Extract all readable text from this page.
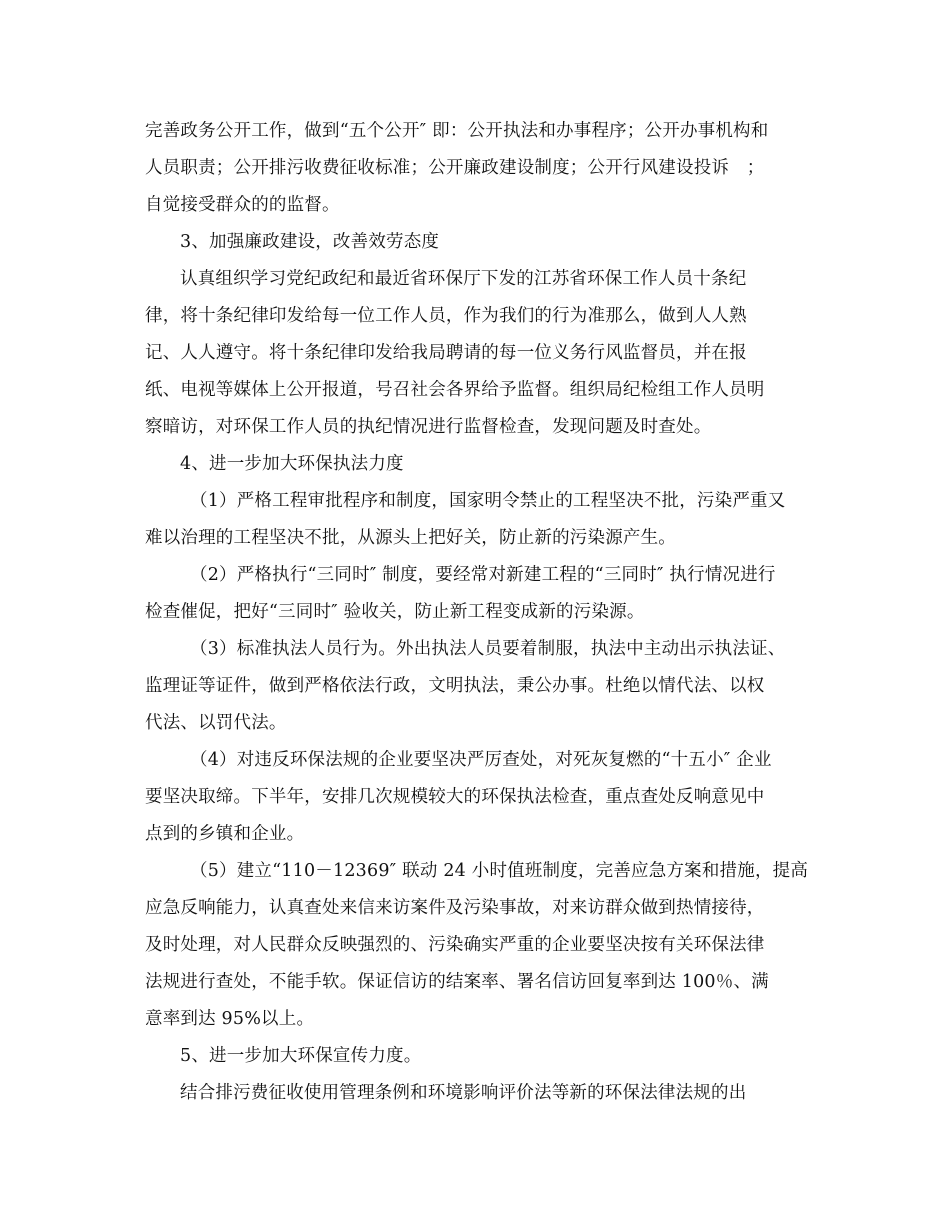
完善政务公开工作，做到“五个公开″ 即：公开执法和办事程序；公开办事机构和
人员职责；公开排污收费征收标准；公开廉政建设制度；公开行风建设投诉　；
自觉接受群众的的监督。
3、加强廉政建设，改善效劳态度
认真组织学习党纪政纪和最近省环保厅下发的江苏省环保工作人员十条纪
律，将十条纪律印发给每一位工作人员，作为我们的行为准那么，做到人人熟
记、人人遵守。将十条纪律印发给我局聘请的每一位义务行风监督员，并在报
纸、电视等媒体上公开报道，号召社会各界给予监督。组织局纪检组工作人员明
察暗访，对环保工作人员的执纪情况进行监督检查，发现问题及时查处。
4、进一步加大环保执法力度
（1）严格工程审批程序和制度，国家明令禁止的工程坚决不批，污染严重又
难以治理的工程坚决不批，从源头上把好关，防止新的污染源产生。
（2）严格执行“三同时″ 制度，要经常对新建工程的“三同时″ 执行情况进行
检查催促，把好“三同时″ 验收关，防止新工程变成新的污染源。
（3）标准执法人员行为。外出执法人员要着制服，执法中主动出示执法证、
监理证等证件，做到严格依法行政，文明执法，秉公办事。杜绝以情代法、以权
代法、以罚代法。
（4）对违反环保法规的企业要坚决严厉查处，对死灰复燃的“十五小″ 企业
要坚决取缔。下半年，安排几次规模较大的环保执法检查，重点查处反响意见中
点到的乡镇和企业。
（5）建立“110－12369″ 联动 24 小时值班制度，完善应急方案和措施，提高
应急反响能力，认真查处来信来访案件及污染事故，对来访群众做到热情接待，
及时处理，对人民群众反映强烈的、污染确实严重的企业要坚决按有关环保法律
法规进行查处，不能手软。保证信访的结案率、署名信访回复率到达 100％、满
意率到达 95%以上。
5、进一步加大环保宣传力度。
结合排污费征收使用管理条例和环境影响评价法等新的环保法律法规的出
